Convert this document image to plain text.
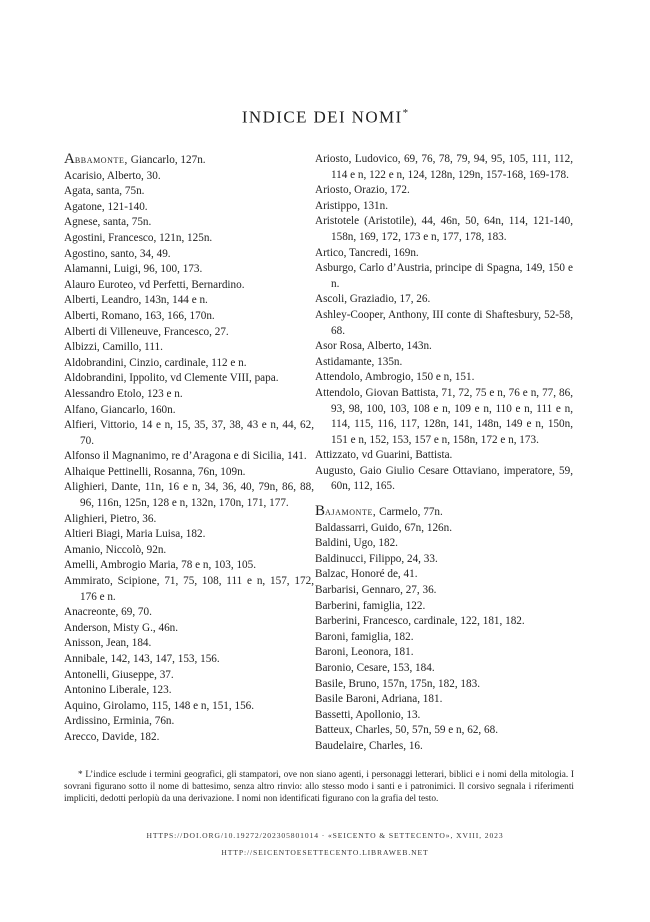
INDICE DEI NOMI*
Abbamonte, Giancarlo, 127n.
Acarisio, Alberto, 30.
Agata, santa, 75n.
Agatone, 121-140.
Agnese, santa, 75n.
Agostini, Francesco, 121n, 125n.
Agostino, santo, 34, 49.
Alamanni, Luigi, 96, 100, 173.
Alauro Euroteo, vd Perfetti, Bernardino.
Alberti, Leandro, 143n, 144 e n.
Alberti, Romano, 163, 166, 170n.
Alberti di Villeneuve, Francesco, 27.
Albizzi, Camillo, 111.
Aldobrandini, Cinzio, cardinale, 112 e n.
Aldobrandini, Ippolito, vd Clemente VIII, papa.
Alessandro Etolo, 123 e n.
Alfano, Giancarlo, 160n.
Alfieri, Vittorio, 14 e n, 15, 35, 37, 38, 43 e n, 44, 62, 70.
Alfonso il Magnanimo, re d’Aragona e di Sicilia, 141.
Alhaique Pettinelli, Rosanna, 76n, 109n.
Alighieri, Dante, 11n, 16 e n, 34, 36, 40, 79n, 86, 88, 96, 116n, 125n, 128 e n, 132n, 170n, 171, 177.
Alighieri, Pietro, 36.
Altieri Biagi, Maria Luisa, 182.
Amanio, Niccolò, 92n.
Amelli, Ambrogio Maria, 78 e n, 103, 105.
Ammirato, Scipione, 71, 75, 108, 111 e n, 157, 172, 176 e n.
Anacreonte, 69, 70.
Anderson, Misty G., 46n.
Anisson, Jean, 184.
Annibale, 142, 143, 147, 153, 156.
Antonelli, Giuseppe, 37.
Antonino Liberale, 123.
Aquino, Girolamo, 115, 148 e n, 151, 156.
Ardissino, Erminia, 76n.
Arecco, Davide, 182.
Ariosto, Ludovico, 69, 76, 78, 79, 94, 95, 105, 111, 112, 114 e n, 122 e n, 124, 128n, 129n, 157-168, 169-178.
Ariosto, Orazio, 172.
Aristippo, 131n.
Aristotele (Aristotile), 44, 46n, 50, 64n, 114, 121-140, 158n, 169, 172, 173 e n, 177, 178, 183.
Artico, Tancredi, 169n.
Asburgo, Carlo d’Austria, principe di Spagna, 149, 150 e n.
Ascoli, Graziadio, 17, 26.
Ashley-Cooper, Anthony, III conte di Shaftesbury, 52-58, 68.
Asor Rosa, Alberto, 143n.
Astidamante, 135n.
Attendolo, Ambrogio, 150 e n, 151.
Attendolo, Giovan Battista, 71, 72, 75 e n, 76 e n, 77, 86, 93, 98, 100, 103, 108 e n, 109 e n, 110 e n, 111 e n, 114, 115, 116, 117, 128n, 141, 148n, 149 e n, 150n, 151 e n, 152, 153, 157 e n, 158n, 172 e n, 173.
Attizzato, vd Guarini, Battista.
Augusto, Gaio Giulio Cesare Ottaviano, imperatore, 59, 60n, 112, 165.
Bajamonte, Carmelo, 77n.
Baldassarri, Guido, 67n, 126n.
Baldini, Ugo, 182.
Baldinucci, Filippo, 24, 33.
Balzac, Honoré de, 41.
Barbarisi, Gennaro, 27, 36.
Barberini, famiglia, 122.
Barberini, Francesco, cardinale, 122, 181, 182.
Baroni, famiglia, 182.
Baroni, Leonora, 181.
Baronio, Cesare, 153, 184.
Basile, Bruno, 157n, 175n, 182, 183.
Basile Baroni, Adriana, 181.
Bassetti, Apollonio, 13.
Batteux, Charles, 50, 57n, 59 e n, 62, 68.
Baudelaire, Charles, 16.
* L’indice esclude i termini geografici, gli stampatori, ove non siano agenti, i personaggi letterari, biblici e i nomi della mitologia. I sovrani figurano sotto il nome di battesimo, senza altro rinvio: allo stesso modo i santi e i patronimici. Il corsivo segnala i riferimenti impliciti, dedotti perlopiù da una derivazione. I nomi non identificati figurano con la grafia del testo.
HTTPS://DOI.ORG/10.19272/202305801014 · «SEICENTO & SETTECENTO», XVIII, 2023
HTTP://SEICENTOESETTECENTO.LIBRAWEB.NET
